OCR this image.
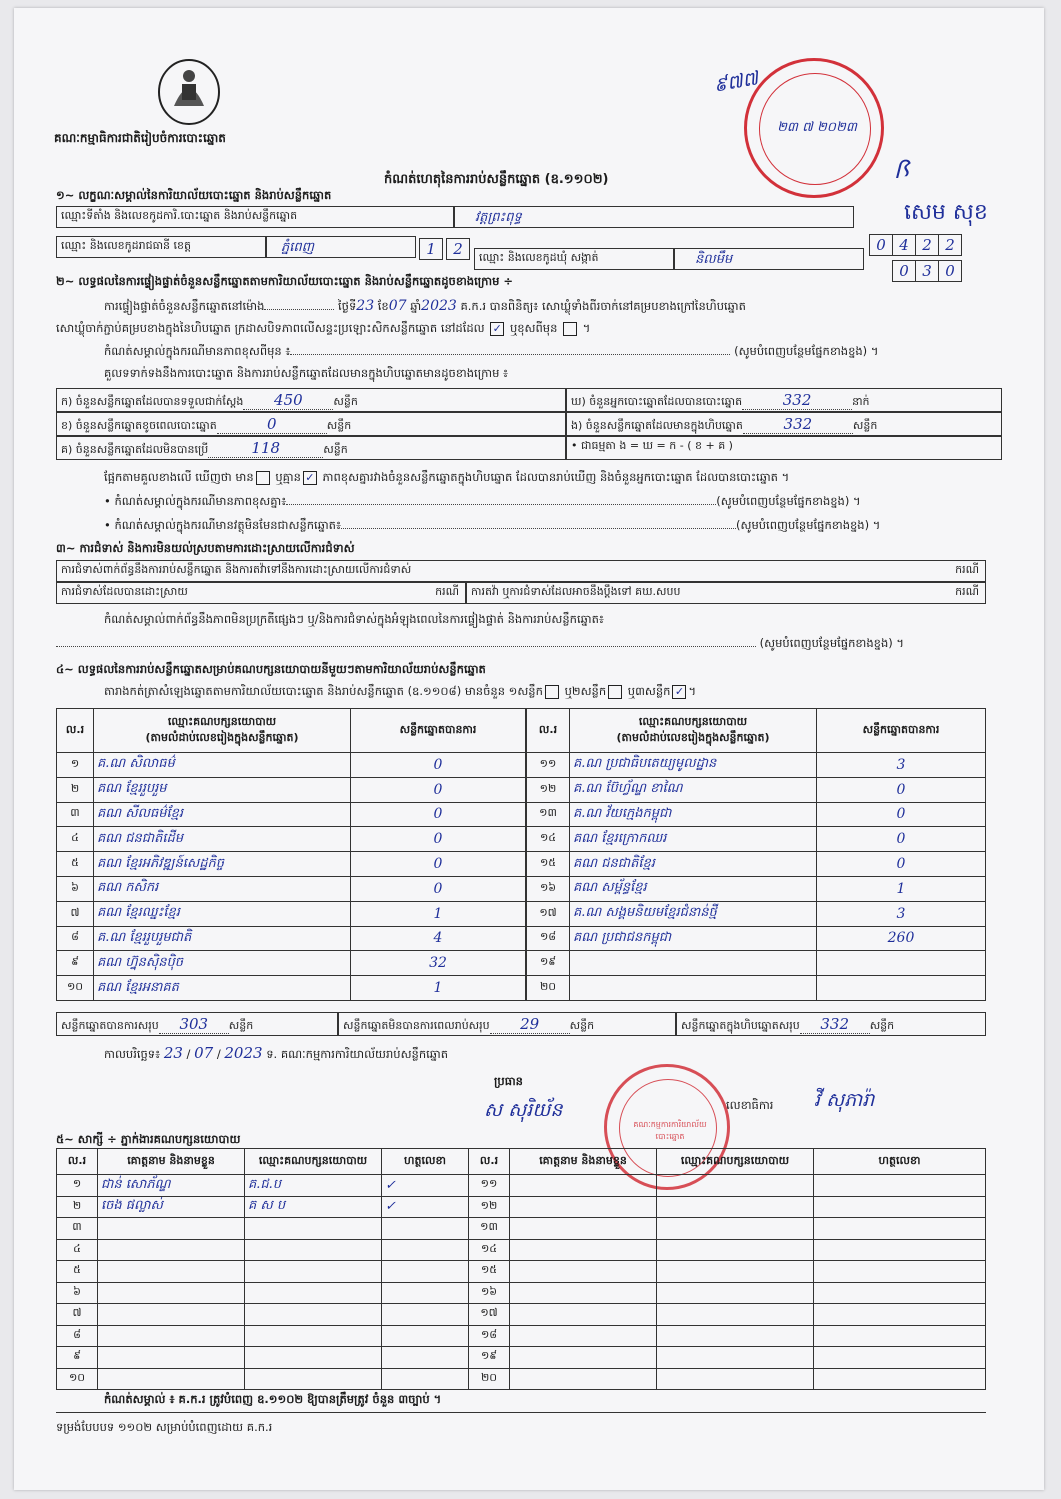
គណៈកម្មាធិការជាតិរៀបចំការបោះឆ្នោត
២៣ ៧ ២០២៣
៩៧៧
ꟗ
សេម សុខ
កំណត់ហេតុនៃការរាប់សន្លឹកឆ្នោត (ឧ.១១០២)
១~ លក្ខណៈសម្គាល់នៃការិយាល័យបោះឆ្នោត និងរាប់សន្លឹកឆ្នោត
ឈ្មោះទីតាំង និងលេខកូដការិ.បោះឆ្នោត និងរាប់សន្លឹកឆ្នោត	វត្តព្រះពុទ្ធ
0 4 2 2
ឈ្មោះ និងលេខកូដរាជធានី ខេត្ត	ភ្នំពេញ	1	2	ឈ្មោះ និងលេខកូដឃុំ សង្កាត់	និលមឹម
0 3 0
២~ លទ្ធផលនៃការផ្ទៀងផ្ទាត់ចំនួនសន្លឹកឆ្នោតតាមការិយាល័យបោះឆ្នោត និងរាប់សន្លឹកឆ្នោតដូចខាងក្រោម ÷
ការផ្ទៀងផ្ទាត់ចំនួនសន្លឹកឆ្នោតនៅម៉ោង	ថ្ងៃទី23 ខែ07 ឆ្នាំ2023 គ.ក.រ បានពិនិត្យ៖ សោឃ្លុំទាំងពីរចាក់នៅគម្របខាងក្រៅនៃហិបឆ្នោត
សោឃ្លុំចាក់ភ្ជាប់គម្របខាងក្នុងនៃហិបឆ្នោត ក្រដាសបិទភាពលើសន្ទះប្រឡោះសិកសន្លឹកឆ្នោត នៅដដែល ✓ ឬខុសពីមុន  ។
កំណត់សម្គាល់ក្នុងករណីមានភាពខុសពីមុន ៖	(សូមបំពេញបន្ថែមផ្នែកខាងខ្នង) ។
គួលទទាក់ទងនឹងការបោះឆ្នោត និងការរាប់សន្លឹកឆ្នោតដែលមានក្នុងហិបឆ្នោតមានដូចខាងក្រោម ៖
ក) ចំនួនសន្លឹកឆ្នោតដែលបានទទួលជាក់ស្តែង 450	សន្លឹក
ខ) ចំនួនសន្លឹកឆ្នោតខូចពេលបោះឆ្នោត	0	សន្លឹក
គ) ចំនួនសន្លឹកឆ្នោតដែលមិនបានប្រើ	118	សន្លឹក
ឃ) ចំនួនអ្នកបោះឆ្នោតដែលបានបោះឆ្នោត	332	នាក់
ង) ចំនួនសន្លឹកឆ្នោតដែលមានក្នុងហិបឆ្នោត	332	សន្លឹក
• ជាធម្មតា ង = ឃ = ក - ( ខ + គ )
ផ្អែកតាមគួលខាងលើ ឃើញថា មាន ឬគ្មាន ✓ ភាពខុសគ្នារវាងចំនួនសន្លឹកឆ្នោតក្នុងហិបឆ្នោត ដែលបានរាប់ឃើញ និងចំនួនអ្នកបោះឆ្នោត ដែលបានបោះឆ្នោត ។
• កំណត់សម្គាល់ក្នុងករណីមានភាពខុសគ្នា៖	(សូមបំពេញបន្ថែមផ្នែកខាងខ្នង) ។
• កំណត់សម្គាល់ក្នុងករណីមានវត្ថុមិនមែនជាសន្លឹកឆ្នោត៖	(សូមបំពេញបន្ថែមផ្នែកខាងខ្នង) ។
៣~ ការជំទាស់ និងការមិនយល់ស្របតាមការដោះស្រាយលើការជំទាស់
ការជំទាស់ពាក់ព័ន្ធនឹងការរាប់សន្លឹកឆ្នោត និងការតវ៉ាទៅនឹងការដោះស្រាយលើការជំទាស់	ករណី
ការជំទាស់ដែលបានដោះស្រាយ	ករណី	ការតវ៉ា ឬការជំទាស់ដែលអាចនឹងប្តឹងទៅ គឃ.សបប	ករណី
កំណត់សម្គាល់ពាក់ព័ន្ធនឹងភាពមិនប្រក្រតីផ្សេងៗ ឬ/និងការជំទាស់ក្នុងអំឡុងពេលនៃការផ្ទៀងផ្ទាត់ និងការរាប់សន្លឹកឆ្នោត៖
(សូមបំពេញបន្ថែមផ្នែកខាងខ្នង) ។
៤~ លទ្ធផលនៃការរាប់សន្លឹកឆ្នោតសម្រាប់គណបក្សនយោបាយនីមួយៗតាមការិយាល័យរាប់សន្លឹកឆ្នោត
តារាងកត់ត្រាសំឡេងឆ្នោតតាមការិយាល័យបោះឆ្នោត និងរាប់សន្លឹកឆ្នោត (ឧ.១១០៨) មានចំនួន ១សន្លឹក ឬ២សន្លឹក ឬ៣សន្លឹក ✓ ។
ល.រ	ឈ្មោះគណបក្សនយោបាយ
(តាមលំដាប់លេខរៀងក្នុងសន្លឹកឆ្នោត)	សន្លឹកឆ្នោតបានការ
១	គ.ណ សិលាធម៌	0
២	គណ ខ្មែររួបរួម	0
៣	គណ សីលធម៌ខ្មែរ	0
៤	គណ ជនជាតិដើម	0
៥	គណ ខ្មែរអភិវឌ្ឍន៍សេដ្ឋកិច្ច	0
៦	គណ កសិករ	0
៧	គណ ខ្មែរឈ្នះខ្មែរ	1
៨	គ.ណ ខ្មែររួបរួមជាតិ	4
៩	គណ ហ្វ៊ុនស៊ិនប៉ិច	32
១០	គណ ខ្មែរអនាគត	1
ល.រ	ឈ្មោះគណបក្សនយោបាយ
(តាមលំដាប់លេខរៀងក្នុងសន្លឹកឆ្នោត)	សន្លឹកឆ្នោតបានការ
១១	គ.ណ ប្រជាធិបតេយ្យមូលដ្ឋាន	3
១២	គ.ណ ប៊ែហ្វ័ណ្ឌ ខាណៃ	0
១៣	គ.ណ វ័យក្មេងកម្ពុជា	0
១៤	គណ ខ្មែរក្រោកឈរ	0
១៥	គណ ជនជាតិខ្មែរ	0
១៦	គណ សម្ព័ន្ធខ្មែរ	1
១៧	គ.ណ សង្គមនិយមខ្មែរជំនាន់ថ្មី	3
១៨	គណ ប្រជាជនកម្ពុជា	260
១៩		
២០		
សន្លឹកឆ្នោតបានការសរុប 303 សន្លឹក	សន្លឹកឆ្នោតមិនបានការពេលរាប់សរុប 29	សន្លឹក	សន្លឹកឆ្នោតក្នុងហិបឆ្នោតសរុប 332 សន្លឹក
កាលបរិច្ឆេទ៖ 23 / 07 / 2023 ទ. គណៈកម្មការការិយាល័យរាប់សន្លឹកឆ្នោត
ប្រធាន
ស សុរិយ័ន	លេខាធិការ វី សុភារ៉ា
គណៈកម្មការការិយាល័យបោះឆ្នោត
៥~ សាក្សី ÷ ភ្នាក់ងារគណបក្សនយោបាយ
ល.រ	គោត្តនាម និងនាមខ្លួន	ឈ្មោះគណបក្សនយោបាយ	ហត្ថលេខា	ល.រ	គោត្តនាម និងនាមខ្លួន	ឈ្មោះគណបក្សនយោបាយ	ហត្ថលេខា
១	ជាន់ សោភ័ណ្ឌ	គ.ជ.ប	✓	១១			
២	ចេង ផល្លាស់	គ ស ប	✓	១២			
៣				១៣			
៤				១៤			
៥				១៥			
៦				១៦			
៧				១៧			
៨				១៨			
៩				១៩			
១០				២០			
កំណត់សម្គាល់ ៖ គ.ក.រ ត្រូវបំពេញ ឧ.១១០២ ឱ្យបានត្រឹមត្រូវ ចំនួន ៣ច្បាប់ ។
ទម្រង់បែបបទ ១១០២ សម្រាប់បំពេញដោយ គ.ក.រ
